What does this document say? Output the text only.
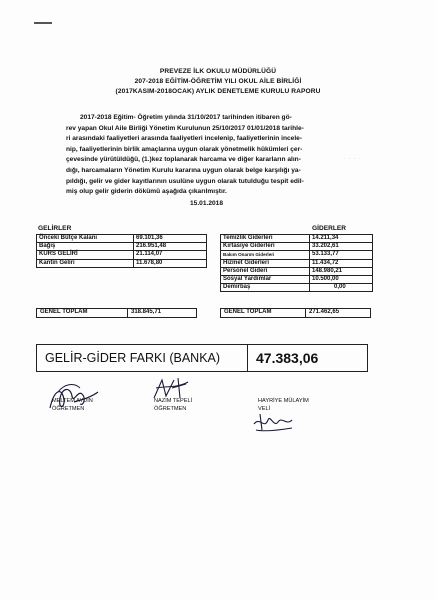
PREVEZE İLK OKULU MÜDÜRLÜĞÜ
207-2018 EĞİTİM-ÖĞRETİM YILI OKUL AİLE BİRLİĞİ
(2017KASIM-2018OCAK) AYLIK DENETLEME KURULU RAPORU
2017-2018 Eğitim- Öğretim yılında 31/10/2017 tarihinden itibaren gö-
rev yapan Okul Aile Birliği Yönetim Kurulunun 25/10/2017 01/01/2018 tarihle-
ri arasındaki faaliyetleri arasında faaliyetleri incelenip, faaliyetlerinin incele-
nip, faaliyetlerinin birlik amaçlarına uygun olarak yönetmelik hükümleri çer-
çevesinde yürütüldüğü, (1.)kez toplanarak harcama ve diğer kararların alın-
dığı, harcamaların Yönetim Kurulu kararına uygun olarak belge karşılığı ya-
pıldığı, gelir ve gider kayıtlarının usulüne uygun olarak tutulduğu tespit edil-
miş olup gelir giderin dökümü aşağıda çıkarılmıştır.
· · · ·
15.01.2018
GELİRLER
Önceki Bütçe Kalanı	69.101,36
Bağış	216.951,48
KURS GELİRİ	21.114,07
Kantin Geliri	11.678,80
GİDERLER
Temizlik Giderleri	14.211,34
Kırtasiye Giderleri	33.202,61
Bakım Onarım Giderleri	53.133,77
Hizmet Giderleri	11.434,72
Personel Gideri	148.980,21
Sosyal Yardımlar	10.500,00
Demirbaş	0,00
GENEL TOPLAM	318.845,71	GENEL TOPLAM	271.462,65
GELİR-GİDER FARKI (BANKA)	47.383,06
MELTEM AYDIN
ÖĞRETMEN
NAZIM TEPELİ
ÖĞRETMEN
HAYRİYE MÜLAYİM
VELİ
